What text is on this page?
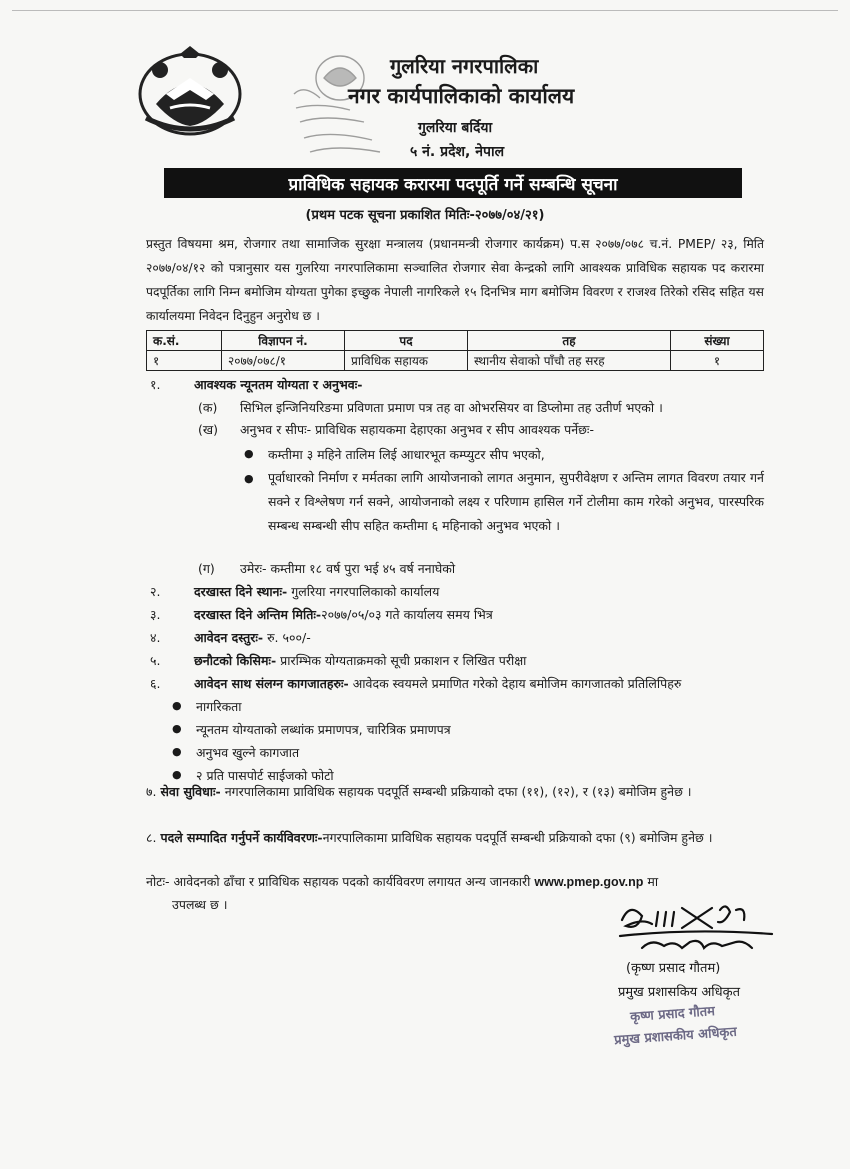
गुलरिया नगरपालिका
नगर कार्यपालिकाको कार्यालय
गुलरिया बर्दिया
५ नं. प्रदेश, नेपाल
प्राविधिक सहायक करारमा पदपूर्ति गर्ने सम्बन्धि सूचना
(प्रथम पटक सूचना प्रकाशित मितिः-२०७७/०४/२१)
प्रस्तुत विषयमा श्रम, रोजगार तथा सामाजिक सुरक्षा मन्त्रालय (प्रधानमन्त्री रोजगार कार्यक्रम) प.स २०७७/०७८ च.नं. PMEP/ २३, मिति २०७७/०४/१२ को पत्रानुसार यस गुलरिया नगरपालिकामा सञ्चालित रोजगार सेवा केन्द्रको लागि आवश्यक प्राविधिक सहायक पद करारमा पदपूर्तिका लागि निम्न बमोजिम योग्यता पुगेका इच्छुक नेपाली नागरिकले १५ दिनभित्र माग बमोजिम विवरण र राजश्व तिरेको रसिद सहित यस कार्यालयमा निवेदन दिनुहुन अनुरोध छ ।
क.सं.	विज्ञापन नं.	पद	तह	संख्या
१	२०७७/०७८/१	प्राविधिक सहायक	स्थानीय सेवाको पाँचौ तह सरह	१
१.	आवश्यक न्यूनतम योग्यता र अनुभवः-
(क) सिभिल इन्जिनियरिङमा प्रविणता प्रमाण पत्र तह वा ओभरसियर वा डिप्लोमा तह उतीर्ण भएको ।
(ख) अनुभव र सीपः- प्राविधिक सहायकमा देहाएका अनुभव र सीप आवश्यक पर्नेछः-
● कम्तीमा ३ महिने तालिम लिई आधारभूत कम्प्युटर सीप भएको,
● पूर्वाधारको निर्माण र मर्मतका लागि आयोजनाको लागत अनुमान, सुपरीवेक्षण र अन्तिम लागत विवरण तयार गर्न सक्ने र विश्लेषण गर्न सक्ने, आयोजनाको लक्ष्य र परिणाम हासिल गर्ने टोलीमा काम गरेको अनुभव, पारस्परिक सम्बन्ध सम्बन्धी सीप सहित कम्तीमा ६ महिनाको अनुभव भएको ।
(ग) उमेरः- कम्तीमा १८ वर्ष पुरा भई ४५ वर्ष ननाघेको
२.	दरखास्त दिने स्थानः- गुलरिया नगरपालिकाको कार्यालय
३.	दरखास्त दिने अन्तिम मितिः-२०७७/०५/०३ गते कार्यालय समय भित्र
४.	आवेदन दस्तुरः- रु. ५००/-
५.	छनौटको किसिमः- प्रारम्भिक योग्यताक्रमको सूची प्रकाशन र लिखित परीक्षा
६.	आवेदन साथ संलग्न कागजातहरुः- आवेदक स्वयमले प्रमाणित गरेको देहाय बमोजिम कागजातको प्रतिलिपिहरु
● नागरिकता
● न्यूनतम योग्यताको लब्धांक प्रमाणपत्र, चारित्रिक प्रमाणपत्र
● अनुभव खुल्ने कागजात
● २ प्रति पासपोर्ट साईजको फोटो
७. सेवा सुविधाः- नगरपालिकामा प्राविधिक सहायक पदपूर्ति सम्बन्धी प्रक्रियाको दफा (११), (१२), र (१३) बमोजिम हुनेछ ।
८. पदले सम्पादित गर्नुपर्ने कार्यविवरणः-नगरपालिकामा प्राविधिक सहायक पदपूर्ति सम्बन्धी प्रक्रियाको दफा (९) बमोजिम हुनेछ ।
नोटः- आवेदनको ढाँचा र प्राविधिक सहायक पदको कार्यविवरण लगायत अन्य जानकारी www.pmep.gov.np मा
उपलब्ध छ ।
(कृष्ण प्रसाद गौतम)
प्रमुख प्रशासकिय अधिकृत
कृष्ण प्रसाद गौतम
प्रमुख प्रशासकीय अधिकृत
